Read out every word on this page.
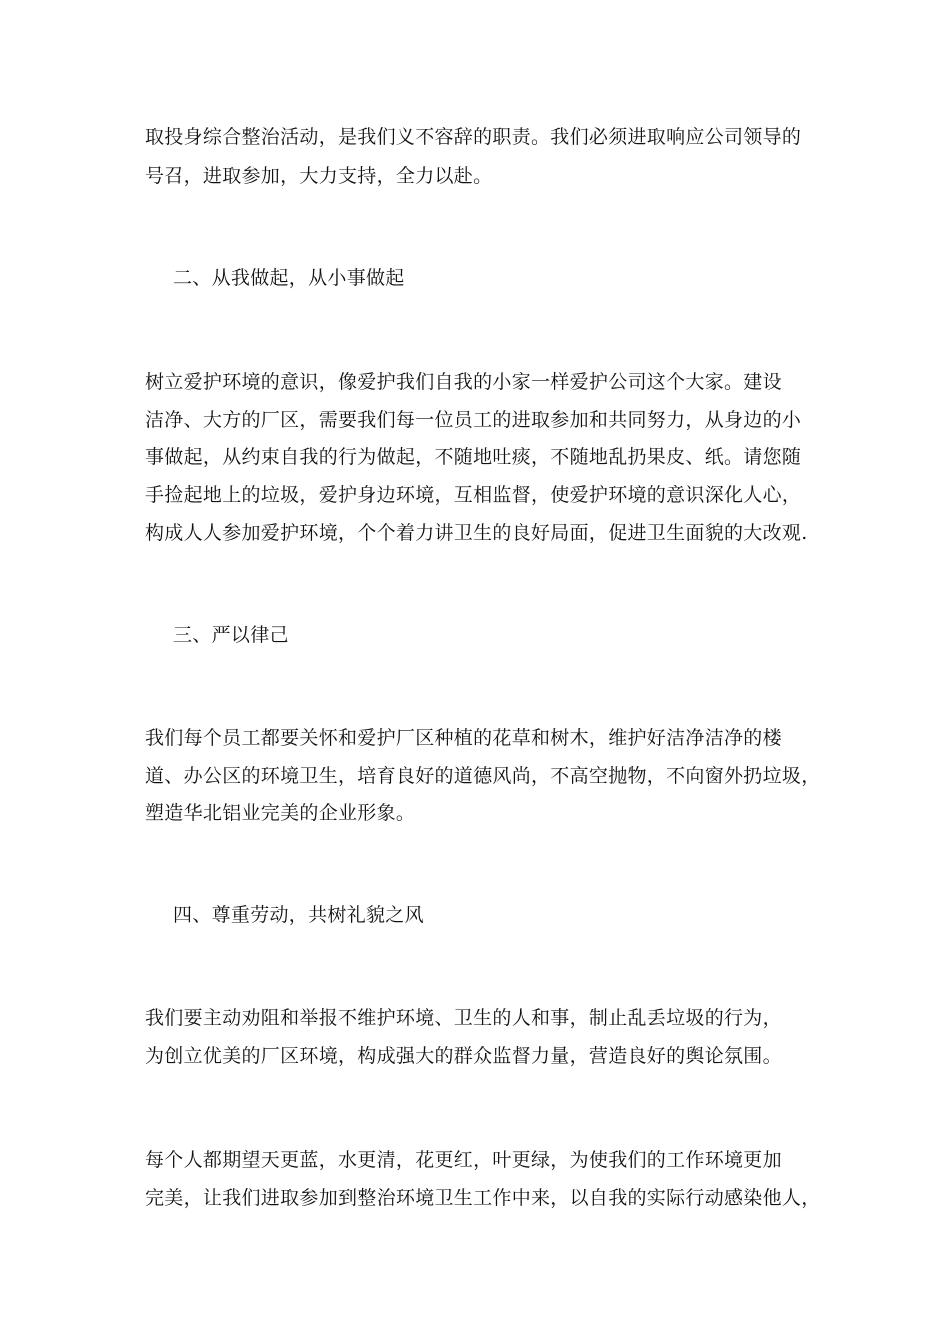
取投身综合整治活动，是我们义不容辞的职责。我们必须进取响应公司领导的
号召，进取参加，大力支持，全力以赴。
二、从我做起，从小事做起
树立爱护环境的意识，像爱护我们自我的小家一样爱护公司这个大家。建设
洁净、大方的厂区，需要我们每一位员工的进取参加和共同努力，从身边的小
事做起，从约束自我的行为做起，不随地吐痰，不随地乱扔果皮、纸。请您随
手捡起地上的垃圾，爱护身边环境，互相监督，使爱护环境的意识深化人心，
构成人人参加爱护环境，个个着力讲卫生的良好局面，促进卫生面貌的大改观.
三、严以律己
我们每个员工都要关怀和爱护厂区种植的花草和树木，维护好洁净洁净的楼
道、办公区的环境卫生，培育良好的道德风尚，不高空抛物，不向窗外扔垃圾，
塑造华北铝业完美的企业形象。
四、尊重劳动，共树礼貌之风
我们要主动劝阻和举报不维护环境、卫生的人和事，制止乱丢垃圾的行为，
为创立优美的厂区环境，构成强大的群众监督力量，营造良好的舆论氛围。
每个人都期望天更蓝，水更清，花更红，叶更绿，为使我们的工作环境更加
完美，让我们进取参加到整治环境卫生工作中来，以自我的实际行动感染他人，
